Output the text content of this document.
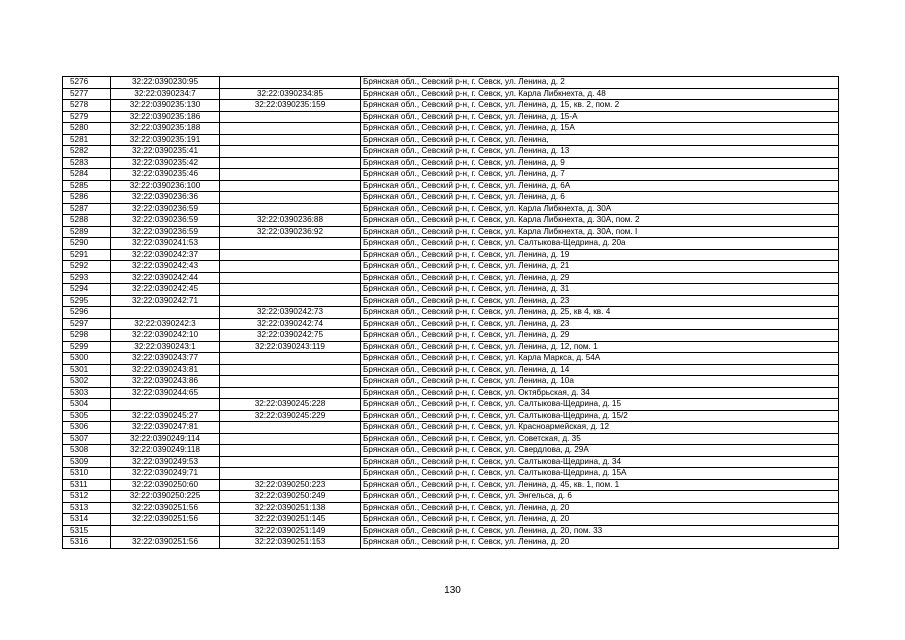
5276	32:22:0390230:95		Брянская обл., Севский р-н, г. Севск, ул. Ленина, д. 2
5277	32:22:0390234:7	32:22:0390234:85	Брянская обл., Севский р-н, г. Севск, ул. Карла Либкнехта, д. 48
5278	32:22:0390235:130	32:22:0390235:159	Брянская обл., Севский р-н, г. Севск, ул. Ленина, д. 15, кв. 2, пом. 2
5279	32:22:0390235:186		Брянская обл., Севский р-н, г. Севск, ул. Ленина, д. 15-А
5280	32:22:0390235:188		Брянская обл., Севский р-н, г. Севск, ул. Ленина, д. 15А
5281	32:22:0390235:191		Брянская обл., Севский р-н, г. Севск, ул. Ленина,
5282	32:22:0390235:41		Брянская обл., Севский р-н, г. Севск, ул. Ленина, д. 13
5283	32:22:0390235:42		Брянская обл., Севский р-н, г. Севск, ул. Ленина, д. 9
5284	32:22:0390235:46		Брянская обл., Севский р-н, г. Севск, ул. Ленина, д. 7
5285	32:22:0390236:100		Брянская обл., Севский р-н, г. Севск, ул. Ленина, д. 6А
5286	32:22:0390236:36		Брянская обл., Севский р-н, г. Севск, ул. Ленина, д. 6
5287	32:22:0390236:59		Брянская обл., Севский р-н, г. Севск, ул. Карла Либкнехта, д. 30А
5288	32:22:0390236:59	32:22:0390236:88	Брянская обл., Севский р-н, г. Севск, ул. Карла Либкнехта, д. 30А, пом. 2
5289	32:22:0390236:59	32:22:0390236:92	Брянская обл., Севский р-н, г. Севск, ул. Карла Либкнехта, д. 30А, пом. I
5290	32:22:0390241:53		Брянская обл., Севский р-н, г. Севск, ул. Салтыкова-Щедрина, д. 20а
5291	32:22:0390242:37		Брянская обл., Севский р-н, г. Севск, ул. Ленина, д. 19
5292	32:22:0390242:43		Брянская обл., Севский р-н, г. Севск, ул. Ленина, д. 21
5293	32:22:0390242:44		Брянская обл., Севский р-н, г. Севск, ул. Ленина, д. 29
5294	32:22:0390242:45		Брянская обл., Севский р-н, г. Севск, ул. Ленина, д. 31
5295	32:22:0390242:71		Брянская обл., Севский р-н, г. Севск, ул. Ленина, д. 23
5296		32:22:0390242:73	Брянская обл., Севский р-н, г. Севск, ул. Ленина, д. 25, кв 4, кв. 4
5297	32:22:0390242:3	32:22:0390242:74	Брянская обл., Севский р-н, г. Севск, ул. Ленина, д. 23
5298	32:22:0390242:10	32:22:0390242:75	Брянская обл., Севский р-н, г. Севск, ул. Ленина, д. 29
5299	32:22:0390243:1	32:22:0390243:119	Брянская обл., Севский р-н, г. Севск, ул. Ленина, д. 12, пом. 1
5300	32:22:0390243:77		Брянская обл., Севский р-н, г. Севск, ул. Карла Маркса, д. 54А
5301	32:22:0390243:81		Брянская обл., Севский р-н, г. Севск, ул. Ленина, д. 14
5302	32:22:0390243:86		Брянская обл., Севский р-н, г. Севск, ул. Ленина, д. 10а
5303	32:22:0390244:65		Брянская обл., Севский р-н, г. Севск, ул. Октябрьская, д. 34
5304		32:22:0390245:228	Брянская обл., Севский р-н, г. Севск, ул. Салтыкова-Щедрина, д. 15
5305	32:22:0390245:27	32:22:0390245:229	Брянская обл., Севский р-н, г. Севск, ул. Салтыкова-Щедрина, д. 15/2
5306	32:22:0390247:81		Брянская обл., Севский р-н, г. Севск, ул. Красноармейская, д. 12
5307	32:22:0390249:114		Брянская обл., Севский р-н, г. Севск, ул. Советская, д. 35
5308	32:22:0390249:118		Брянская обл., Севский р-н, г. Севск, ул. Свердлова, д. 29А
5309	32:22:0390249:53		Брянская обл., Севский р-н, г. Севск, ул. Салтыкова-Щедрина, д. 34
5310	32:22:0390249:71		Брянская обл., Севский р-н, г. Севск, ул. Салтыкова-Щедрина, д. 15А
5311	32:22:0390250:60	32:22:0390250:223	Брянская обл., Севский р-н, г. Севск, ул. Ленина, д. 45, кв. 1, пом. 1
5312	32:22:0390250:225	32:22:0390250:249	Брянская обл., Севский р-н, г. Севск, ул. Энгельса, д. 6
5313	32:22:0390251:56	32:22:0390251:138	Брянская обл., Севский р-н, г. Севск, ул. Ленина, д. 20
5314	32:22:0390251:56	32:22:0390251:145	Брянская обл., Севский р-н, г. Севск, ул. Ленина, д. 20
5315		32:22:0390251:149	Брянская обл., Севский р-н, г. Севск, ул. Ленина, д. 20, пом. 33
5316	32:22:0390251:56	32:22:0390251:153	Брянская обл., Севский р-н, г. Севск, ул. Ленина, д. 20
130
